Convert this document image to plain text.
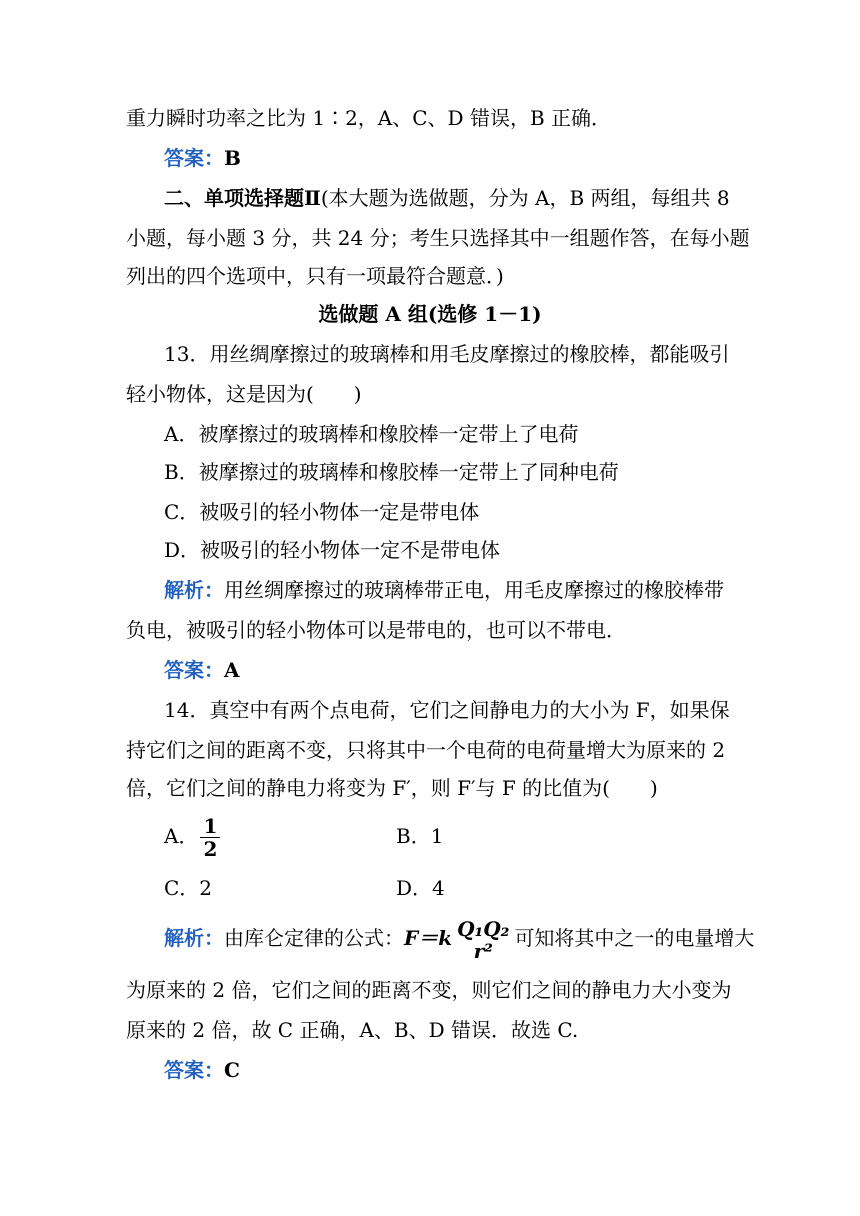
重力瞬时功率之比为 1∶2，A、C、D 错误，B 正确．
答案：B
二、单项选择题Ⅱ(本大题为选做题，分为 A，B 两组，每组共 8
小题，每小题 3 分，共 24 分；考生只选择其中一组题作答，在每小题
列出的四个选项中，只有一项最符合题意．)
选做题 A 组(选修 1－1)
13．用丝绸摩擦过的玻璃棒和用毛皮摩擦过的橡胶棒，都能吸引
轻小物体，这是因为(　　)
A．被摩擦过的玻璃棒和橡胶棒一定带上了电荷
B．被摩擦过的玻璃棒和橡胶棒一定带上了同种电荷
C．被吸引的轻小物体一定是带电体
D．被吸引的轻小物体一定不是带电体
解析：用丝绸摩擦过的玻璃棒带正电，用毛皮摩擦过的橡胶棒带
负电，被吸引的轻小物体可以是带电的，也可以不带电．
答案：A
14．真空中有两个点电荷，它们之间静电力的大小为 F，如果保
持它们之间的距离不变，只将其中一个电荷的电荷量增大为原来的 2
倍，它们之间的静电力将变为 F′，则 F′与 F 的比值为(　　)
A． $\frac{1}{2}$	B．1
C．2	D．4
解析：由库仑定律的公式：F＝k Q₁Q₂
r²
可知将其中之一的电量增大
为原来的 2 倍，它们之间的距离不变，则它们之间的静电力大小变为
原来的 2 倍，故 C 正确，A、B、D 错误．故选 C.
答案：C
